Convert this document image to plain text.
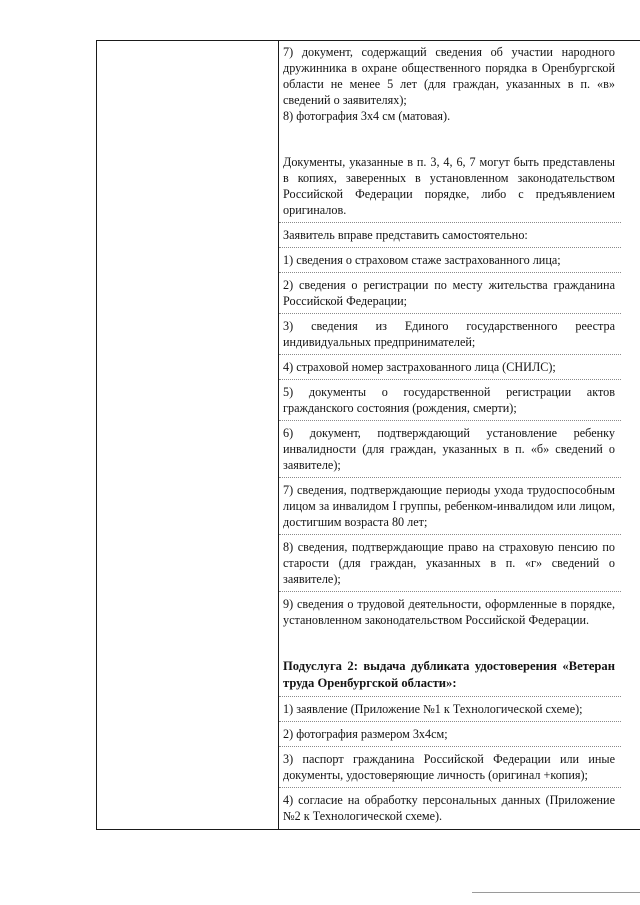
7) документ, содержащий сведения об участии народного дружинника в охране общественного порядка в Оренбургской области не менее 5 лет (для граждан, указанных в п. «в» сведений о заявителях);

8) фотография 3х4 см (матовая).

Документы, указанные в п. 3, 4, 6, 7 могут быть представлены в копиях, заверенных в установленном законодательством Российской Федерации порядке, либо с предъявлением оригиналов.

Заявитель вправе представить самостоятельно:

1) сведения о страховом стаже застрахованного лица;

2) сведения о регистрации по месту жительства гражданина Российской Федерации;

3) сведения из Единого государственного реестра индивидуальных предпринимателей;

4) страховой номер застрахованного лица (СНИЛС);

5) документы о государственной регистрации актов гражданского состояния (рождения, смерти);

6) документ, подтверждающий установление ребенку инвалидности (для граждан, указанных в п. «б» сведений о заявителе);

7) сведения, подтверждающие периоды ухода трудоспособным лицом за инвалидом I группы, ребенком-инвалидом или лицом, достигшим возраста 80 лет;

8) сведения, подтверждающие право на страховую пенсию по старости (для граждан, указанных в п. «г» сведений о заявителе);

9) сведения о трудовой деятельности, оформленные в порядке, установленном законодательством Российской Федерации.

Подуслуга 2: выдача дубликата удостоверения «Ветеран труда Оренбургской области»:

1) заявление (Приложение №1 к Технологической схеме);

2) фотография размером 3х4см;

3) паспорт гражданина Российской Федерации или иные документы, удостоверяющие личность (оригинал +копия);

4) согласие на обработку персональных данных (Приложение №2 к Технологической схеме).
